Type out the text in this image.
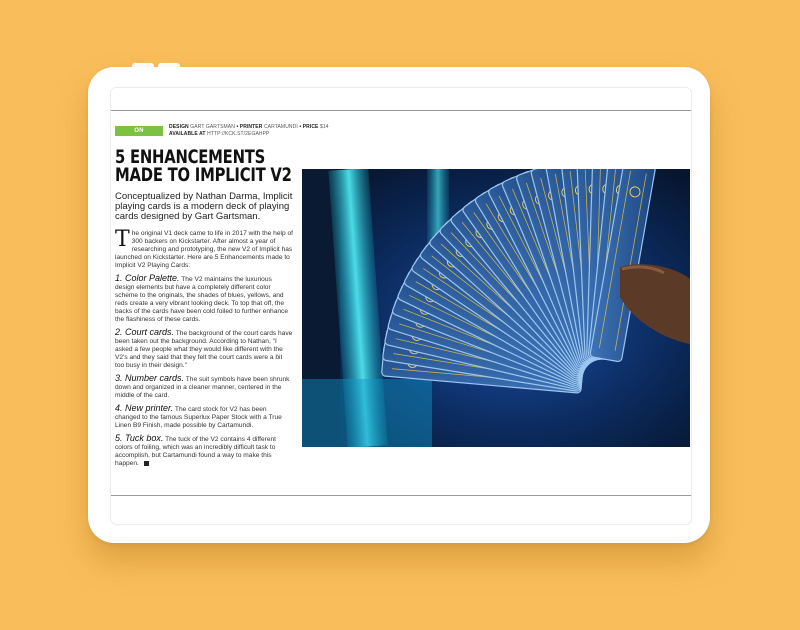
ON KICKSTARTER
DESIGN GART GARTSMAN • PRINTER CARTAMUNDI • PRICE $14
AVAILABLE AT HTTP://KCK.ST/2EGAHPP
5 ENHANCEMENTS
MADE TO IMPLICIT V2
Conceptualized by Nathan Darma, Implicit playing cards is a modern deck of playing cards designed by Gart Gartsman.

T he original V1 deck came to life in 2017 with the help of 300 backers on Kickstarter. After almost a year of researching and prototyping, the new V2 of Implicit has launched on Kickstarter. Here are 5 Enhancements made to Implicit V2 Playing Cards:

1. Color Palette. The V2 maintains the luxurious design elements but have a completely different color scheme to the originals, the shades of blues, yellows, and reds create a very vibrant looking deck. To top that off, the backs of the cards have been cold foiled to further enhance the flashiness of these cards.

2. Court cards. The background of the court cards have been taken out the background. According to Nathan, "I asked a few people what they would like different with the V2's and they said that they felt the court cards were a bit too busy in their design."

3. Number cards. The suit symbols have been shrunk down and organized in a cleaner manner, centered in the middle of the card.

4. New printer. The card stock for V2 has been changed to the famous Superlux Paper Stock with a True Linen B9 Finish, made possible by Cartamundi.

5. Tuck box. The tuck of the V2 contains 4 different colors of foiling, which was an incredibly difficult task to accomplish, but Cartamundi found a way to make this happen.
